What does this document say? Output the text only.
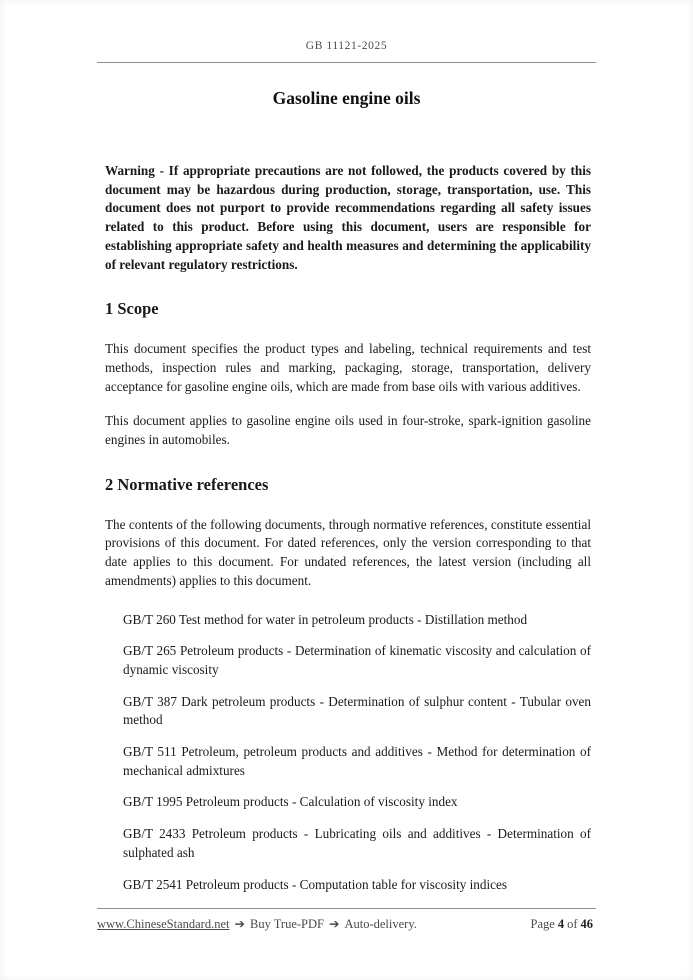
GB 11121-2025
Gasoline engine oils

Warning - If appropriate precautions are not followed, the products covered by this document may be hazardous during production, storage, transportation, use. This document does not purport to provide recommendations regarding all safety issues related to this product. Before using this document, users are responsible for establishing appropriate safety and health measures and determining the applicability of relevant regulatory restrictions.

1 Scope

This document specifies the product types and labeling, technical requirements and test methods, inspection rules and marking, packaging, storage, transportation, delivery acceptance for gasoline engine oils, which are made from base oils with various additives.

This document applies to gasoline engine oils used in four-stroke, spark-ignition gasoline engines in automobiles.

2 Normative references

The contents of the following documents, through normative references, constitute essential provisions of this document. For dated references, only the version corresponding to that date applies to this document. For undated references, the latest version (including all amendments) applies to this document.

GB/T 260 Test method for water in petroleum products - Distillation method

GB/T 265 Petroleum products - Determination of kinematic viscosity and calculation of dynamic viscosity

GB/T 387 Dark petroleum products - Determination of sulphur content - Tubular oven method

GB/T 511 Petroleum, petroleum products and additives - Method for determination of mechanical admixtures

GB/T 1995 Petroleum products - Calculation of viscosity index

GB/T 2433 Petroleum products - Lubricating oils and additives - Determination of sulphated ash

GB/T 2541 Petroleum products - Computation table for viscosity indices

www.ChineseStandard.net ➔ Buy True-PDF ➔ Auto-delivery.	Page 4 of 46
